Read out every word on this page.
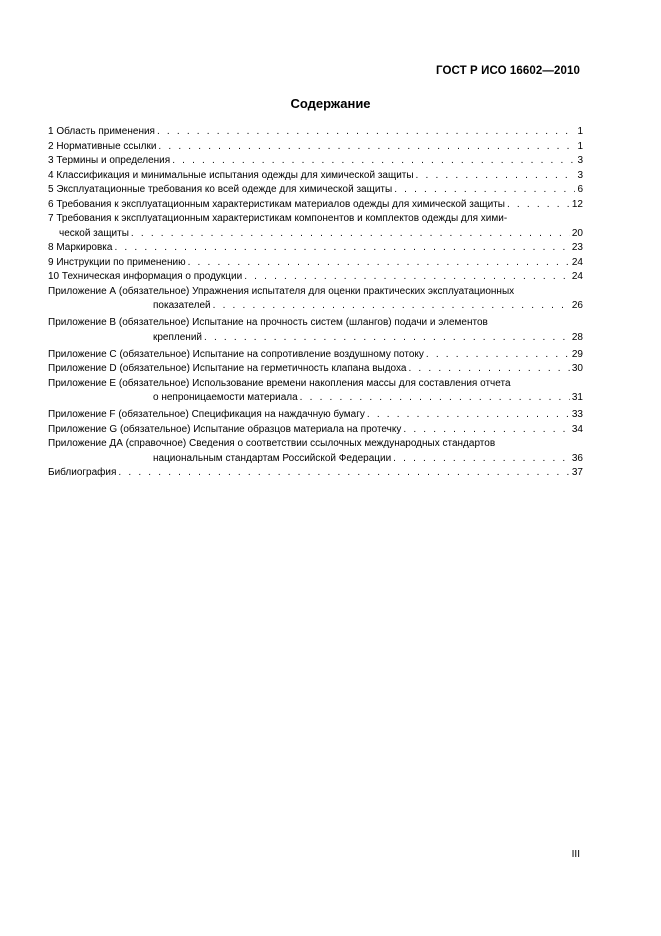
ГОСТ Р ИСО 16602—2010
Содержание
1 Область применения . . .	1
2 Нормативные ссылки . . .	1
3 Термины и определения . . .	3
4 Классификация и минимальные испытания одежды для химической защиты . . .	3
5 Эксплуатационные требования ко всей одежде для химической защиты . . .	6
6 Требования к эксплуатационным характеристикам материалов одежды для химической защиты . . .	12
7 Требования к эксплуатационным характеристикам компонентов и комплектов одежды для хими-
ческой защиты . . .	20
8 Маркировка . . .	23
9 Инструкции по применению . . .	24
10 Техническая информация о продукции . . .	24
Приложение A
(обязательное) Упражнения испытателя для оценки практических эксплуатационных
показателей . . .	26
Приложение B
(обязательное) Испытание на прочность систем (шлангов) подачи и элементов
креплений . . .	28
Приложение C
(обязательное) Испытание на сопротивление воздушному потоку . . .	29
Приложение D
(обязательное) Испытание на герметичность клапана выдоха . . .	30
Приложение E
(обязательное) Использование времени накопления массы для составления отчета
о непроницаемости материала . . .	31
Приложение F
(обязательное) Спецификация на наждачную бумагу . . .	33
Приложение G
(обязательное) Испытание образцов материала на протечку . . .	34
Приложение ДА
(справочное) Сведения о соответствии ссылочных международных стандартов
национальным стандартам Российской Федерации . . .	36
Библиография . . .	37
III
